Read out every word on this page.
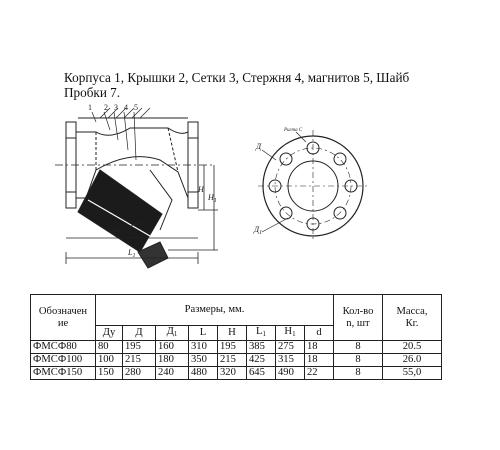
Корпуса 1, Крышки 2, Сетки 3, Стержня 4, магнитов 5, Шайб
Пробки 7.
1 2 3 4 5
6 L
$L_1$
H
$H_1$
Ригта С
Д
$Д_1$
Обозначен
ие	Размеры, мм.								Кол-во
n, шт	Масса,
Кг.
	Ду	Д	$Д_1$	L	H	$L_1$	$H_1$	d		
ФМСФ80	80	195	160	310	195	385	275	18	8	20.5
ФМСФ100	100	215	180	350	215	425	315	18	8	26.0
ФМСФ150	150	280	240	480	320	645	490	22	8	55,0
